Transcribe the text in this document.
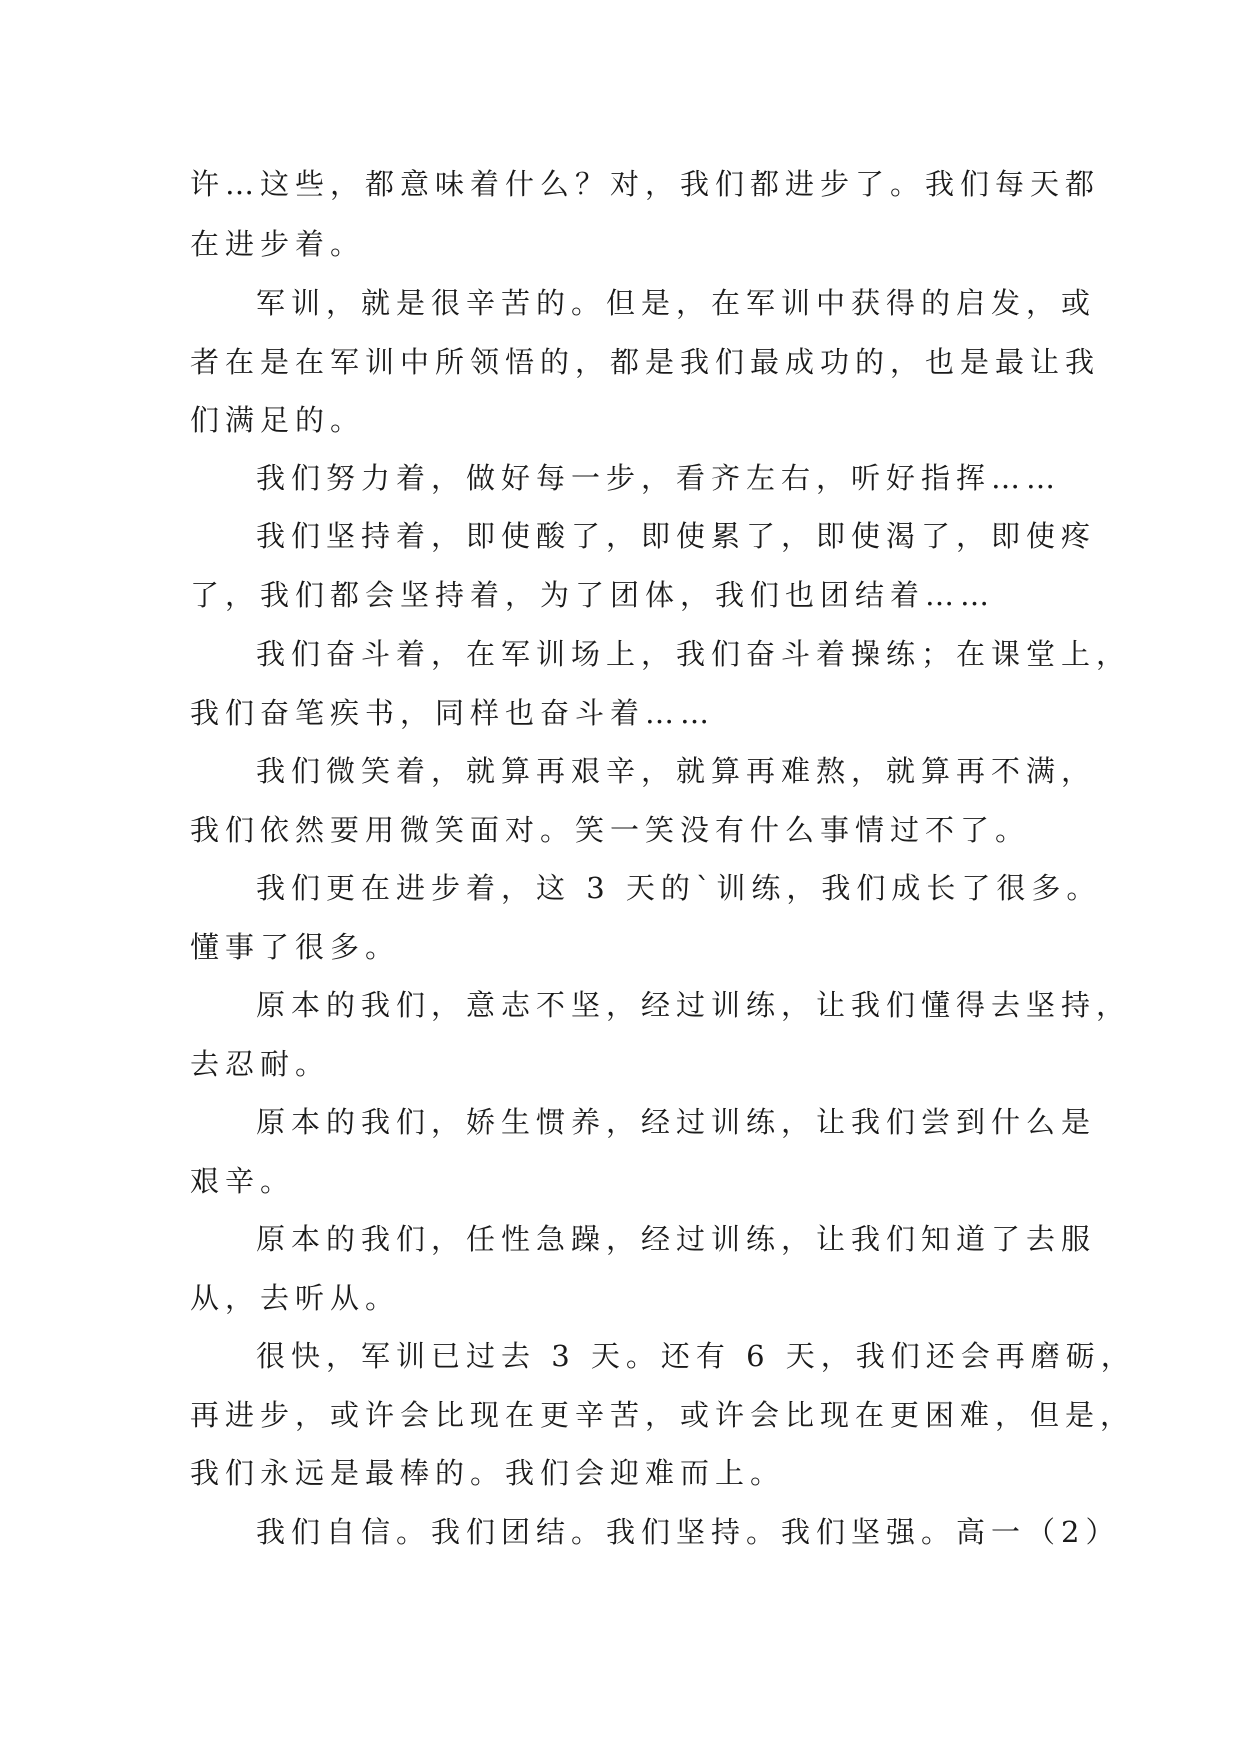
许…这些，都意味着什么？对，我们都进步了。我们每天都
在进步着。
军训，就是很辛苦的。但是，在军训中获得的启发，或
者在是在军训中所领悟的，都是我们最成功的，也是最让我
们满足的。
我们努力着，做好每一步，看齐左右，听好指挥……
我们坚持着，即使酸了，即使累了，即使渴了，即使疼
了，我们都会坚持着，为了团体，我们也团结着……
我们奋斗着，在军训场上，我们奋斗着操练；在课堂上，
我们奋笔疾书，同样也奋斗着……
我们微笑着，就算再艰辛，就算再难熬，就算再不满，
我们依然要用微笑面对。笑一笑没有什么事情过不了。
我们更在进步着，这 3 天的`训练，我们成长了很多。
懂事了很多。
原本的我们，意志不坚，经过训练，让我们懂得去坚持，
去忍耐。
原本的我们，娇生惯养，经过训练，让我们尝到什么是
艰辛。
原本的我们，任性急躁，经过训练，让我们知道了去服
从，去听从。
很快，军训已过去 3 天。还有 6 天，我们还会再磨砺，
再进步，或许会比现在更辛苦，或许会比现在更困难，但是，
我们永远是最棒的。我们会迎难而上。
我们自信。我们团结。我们坚持。我们坚强。高一（2）
